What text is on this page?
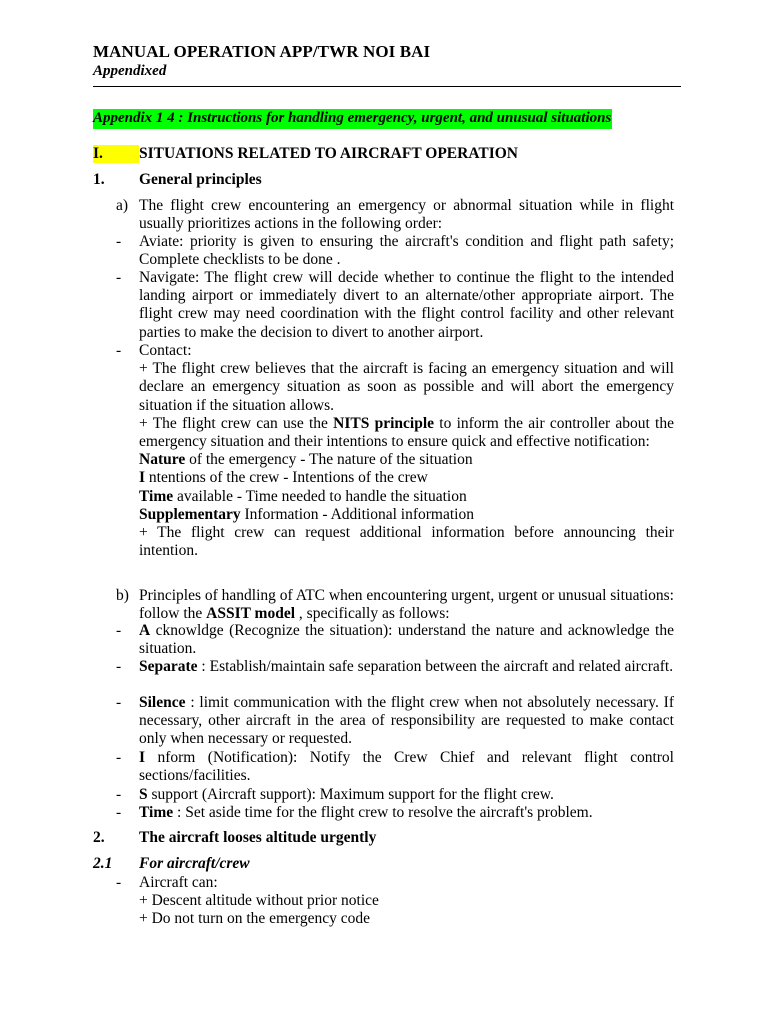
MANUAL OPERATION APP/TWR NOI BAI
Appendixed
Appendix 1 4 : Instructions for handling emergency, urgent, and unusual situations
I. SITUATIONS RELATED TO AIRCRAFT OPERATION
1. General principles
a) The flight crew encountering an emergency or abnormal situation while in flight usually prioritizes actions in the following order:
- Aviate: priority is given to ensuring the aircraft's condition and flight path safety; Complete checklists to be done .
- Navigate: The flight crew will decide whether to continue the flight to the intended landing airport or immediately divert to an alternate/other appropriate airport. The flight crew may need coordination with the flight control facility and other relevant parties to make the decision to divert to another airport.
- Contact:
+ The flight crew believes that the aircraft is facing an emergency situation and will declare an emergency situation as soon as possible and will abort the emergency situation if the situation allows.
+ The flight crew can use the NITS principle to inform the air controller about the emergency situation and their intentions to ensure quick and effective notification:
Nature of the emergency - The nature of the situation
I ntentions of the crew - Intentions of the crew
Time available - Time needed to handle the situation
Supplementary Information - Additional information
+ The flight crew can request additional information before announcing their intention.
b) Principles of handling of ATC when encountering urgent, urgent or unusual situations: follow the ASSIT model , specifically as follows:
- A cknowldge (Recognize the situation): understand the nature and acknowledge the situation.
- Separate : Establish/maintain safe separation between the aircraft and related aircraft.
- Silence : limit communication with the flight crew when not absolutely necessary. If necessary, other aircraft in the area of responsibility are requested to make contact only when necessary or requested.
- I nform (Notification): Notify the Crew Chief and relevant flight control sections/facilities.
- S support (Aircraft support): Maximum support for the flight crew.
- Time : Set aside time for the flight crew to resolve the aircraft's problem.
2. The aircraft looses altitude urgently
2.1 For aircraft/crew
- Aircraft can:
+ Descent altitude without prior notice
+ Do not turn on the emergency code
